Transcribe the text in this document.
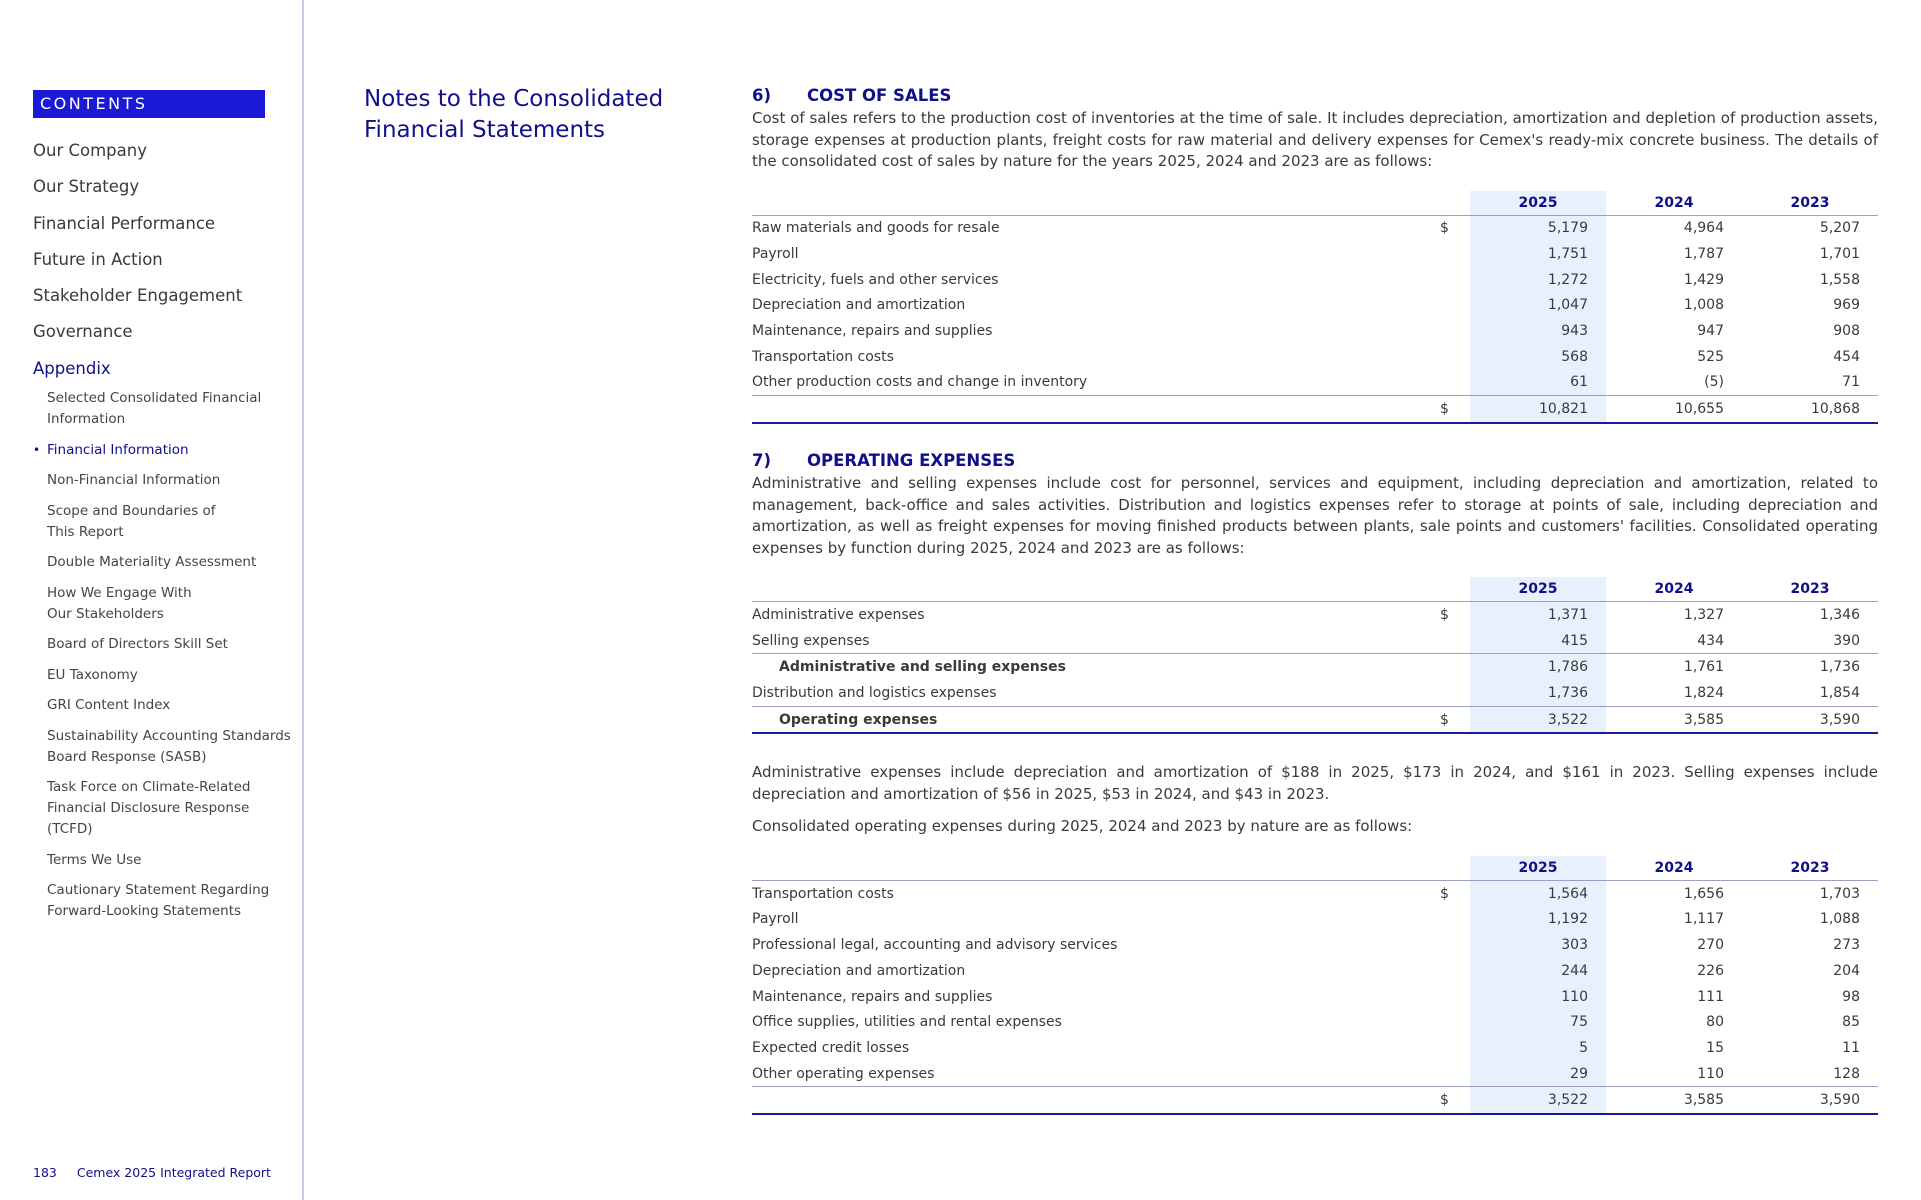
CONTENTS
Our Company
Our Strategy
Financial Performance
Future in Action
Stakeholder Engagement
Governance
Appendix
Selected Consolidated Financial Information
• Financial Information
Non-Financial Information
Scope and Boundaries of This Report
Double Materiality Assessment
How We Engage With Our Stakeholders
Board of Directors Skill Set
EU Taxonomy
GRI Content Index
Sustainability Accounting Standards Board Response (SASB)
Task Force on Climate-Related Financial Disclosure Response (TCFD)
Terms We Use
Cautionary Statement Regarding Forward-Looking Statements
183 Cemex 2025 Integrated Report
Notes to the Consolidated Financial Statements
6) COST OF SALES

Cost of sales refers to the production cost of inventories at the time of sale. It includes depreciation, amortization and depletion of production assets, storage expenses at production plants, freight costs for raw material and delivery expenses for Cemex's ready-mix concrete business. The details of the consolidated cost of sales by nature for the years 2025, 2024 and 2023 are as follows:

		2025	2024	2023
Raw materials and goods for resale	$	5,179	4,964	5,207
Payroll		1,751	1,787	1,701
Electricity, fuels and other services		1,272	1,429	1,558
Depreciation and amortization		1,047	1,008	969
Maintenance, repairs and supplies		943	947	908
Transportation costs		568	525	454
Other production costs and change in inventory		61	(5)	71
	$	10,821	10,655	10,868
7) OPERATING EXPENSES

Administrative and selling expenses include cost for personnel, services and equipment, including depreciation and amortization, related to management, back-office and sales activities. Distribution and logistics expenses refer to storage at points of sale, including depreciation and amortization, as well as freight expenses for moving finished products between plants, sale points and customers' facilities. Consolidated operating expenses by function during 2025, 2024 and 2023 are as follows:

		2025	2024	2023
Administrative expenses	$	1,371	1,327	1,346
Selling expenses		415	434	390
Administrative and selling expenses		1,786	1,761	1,736
Distribution and logistics expenses		1,736	1,824	1,854
Operating expenses	$	3,522	3,585	3,590

Administrative expenses include depreciation and amortization of $188 in 2025, $173 in 2024, and $161 in 2023. Selling expenses include depreciation and amortization of $56 in 2025, $53 in 2024, and $43 in 2023.

Consolidated operating expenses during 2025, 2024 and 2023 by nature are as follows:

		2025	2024	2023
Transportation costs	$	1,564	1,656	1,703
Payroll		1,192	1,117	1,088
Professional legal, accounting and advisory services		303	270	273
Depreciation and amortization		244	226	204
Maintenance, repairs and supplies		110	111	98
Office supplies, utilities and rental expenses		75	80	85
Expected credit losses		5	15	11
Other operating expenses		29	110	128
	$	3,522	3,585	3,590
